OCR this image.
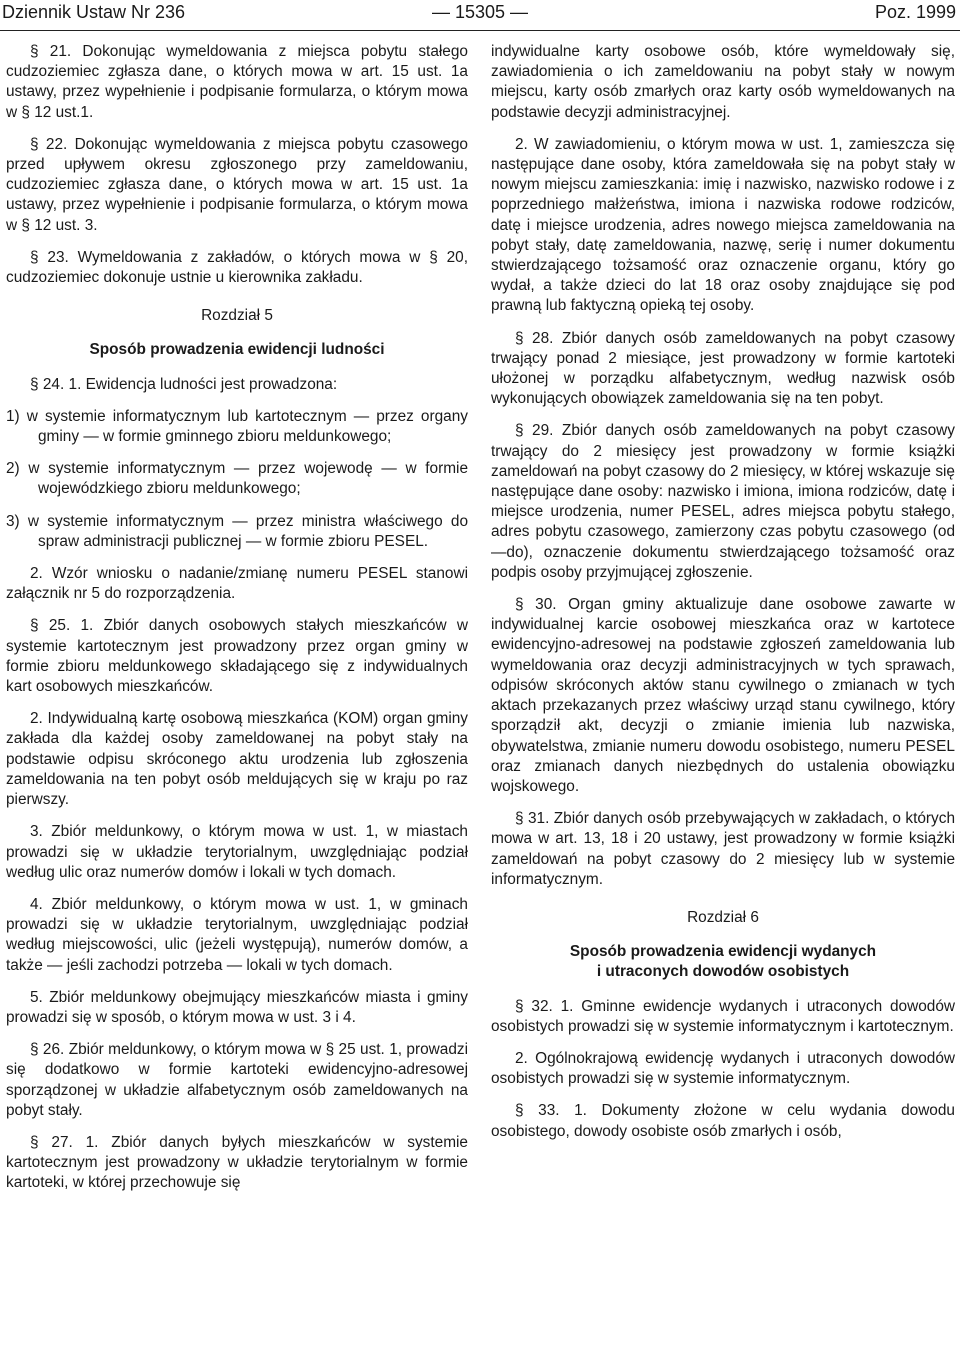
— 15305 —
Dziennik Ustaw Nr 236	Poz. 1999

§ 21. Dokonując wymeldowania z miejsca pobytu stałego cudzoziemiec zgłasza dane, o których mowa w art. 15 ust. 1a ustawy, przez wypełnienie i podpisanie formularza, o którym mowa w § 12 ust.1.

§ 22. Dokonując wymeldowania z miejsca pobytu czasowego przed upływem okresu zgłoszonego przy zameldowaniu, cudzoziemiec zgłasza dane, o których mowa w art. 15 ust. 1a ustawy, przez wypełnienie i podpisanie formularza, o którym mowa w § 12 ust. 3.

§ 23. Wymeldowania z zakładów, o których mowa w § 20, cudzoziemiec dokonuje ustnie u kierownika zakładu.

Rozdział 5
Sposób prowadzenia ewidencji ludności

§ 24. 1. Ewidencja ludności jest prowadzona:

1) w systemie informatycznym lub kartotecznym — przez organy gminy — w formie gminnego zbioru meldunkowego;
2) w systemie informatycznym — przez wojewodę — w formie wojewódzkiego zbioru meldunkowego;
3) w systemie informatycznym — przez ministra właściwego do spraw administracji publicznej — w formie zbioru PESEL.

2. Wzór wniosku o nadanie/zmianę numeru PESEL stanowi załącznik nr 5 do rozporządzenia.

§ 25. 1. Zbiór danych osobowych stałych mieszkańców w systemie kartotecznym jest prowadzony przez organ gminy w formie zbioru meldunkowego składającego się z indywidualnych kart osobowych mieszkańców.

2. Indywidualną kartę osobową mieszkańca (KOM) organ gminy zakłada dla każdej osoby zameldowanej na pobyt stały na podstawie odpisu skróconego aktu urodzenia lub zgłoszenia zameldowania na ten pobyt osób meldujących się w kraju po raz pierwszy.

3. Zbiór meldunkowy, o którym mowa w ust. 1, w miastach prowadzi się w układzie terytorialnym, uwzględniając podział według ulic oraz numerów domów i lokali w tych domach.

4. Zbiór meldunkowy, o którym mowa w ust. 1, w gminach prowadzi się w układzie terytorialnym, uwzględniając podział według miejscowości, ulic (jeżeli występują), numerów domów, a także — jeśli zachodzi potrzeba — lokali w tych domach.

5. Zbiór meldunkowy obejmujący mieszkańców miasta i gminy prowadzi się w sposób, o którym mowa w ust. 3 i 4.

§ 26. Zbiór meldunkowy, o którym mowa w § 25 ust. 1, prowadzi się dodatkowo w formie kartoteki ewidencyjno-adresowej sporządzonej w układzie alfabetycznym osób zameldowanych na pobyt stały.

§ 27. 1. Zbiór danych byłych mieszkańców w systemie kartotecznym jest prowadzony w układzie terytorialnym w formie kartoteki, w której przechowuje się

indywidualne karty osobowe osób, które wymeldowały się, zawiadomienia o ich zameldowaniu na pobyt stały w nowym miejscu, karty osób zmarłych oraz karty osób wymeldowanych na podstawie decyzji administracyjnej.

2. W zawiadomieniu, o którym mowa w ust. 1, zamieszcza się następujące dane osoby, która zameldowała się na pobyt stały w nowym miejscu zamieszkania: imię i nazwisko, nazwisko rodowe i z poprzedniego małżeństwa, imiona i nazwiska rodowe rodziców, datę i miejsce urodzenia, adres nowego miejsca zameldowania na pobyt stały, datę zameldowania, nazwę, serię i numer dokumentu stwierdzającego tożsamość oraz oznaczenie organu, który go wydał, a także dzieci do lat 18 oraz osoby znajdujące się pod prawną lub faktyczną opieką tej osoby.

§ 28. Zbiór danych osób zameldowanych na pobyt czasowy trwający ponad 2 miesiące, jest prowadzony w formie kartoteki ułożonej w porządku alfabetycznym, według nazwisk osób wykonujących obowiązek zameldowania się na ten pobyt.

§ 29. Zbiór danych osób zameldowanych na pobyt czasowy trwający do 2 miesięcy jest prowadzony w formie książki zameldowań na pobyt czasowy do 2 miesięcy, w której wskazuje się następujące dane osoby: nazwisko i imiona, imiona rodziców, datę i miejsce urodzenia, numer PESEL, adres miejsca pobytu stałego, adres pobytu czasowego, zamierzony czas pobytu czasowego (od—do), oznaczenie dokumentu stwierdzającego tożsamość oraz podpis osoby przyjmującej zgłoszenie.

§ 30. Organ gminy aktualizuje dane osobowe zawarte w indywidualnej karcie osobowej mieszkańca oraz w kartotece ewidencyjno-adresowej na podstawie zgłoszeń zameldowania lub wymeldowania oraz decyzji administracyjnych w tych sprawach, odpisów skróconych aktów stanu cywilnego o zmianach w tych aktach przekazanych przez właściwy urząd stanu cywilnego, który sporządził akt, decyzji o zmianie imienia lub nazwiska, obywatelstwa, zmianie numeru dowodu osobistego, numeru PESEL oraz zmianach danych niezbędnych do ustalenia obowiązku wojskowego.

§ 31. Zbiór danych osób przebywających w zakładach, o których mowa w art. 13, 18 i 20 ustawy, jest prowadzony w formie książki zameldowań na pobyt czasowy do 2 miesięcy lub w systemie informatycznym.

Rozdział 6
Sposób prowadzenia ewidencji wydanych
i utraconych dowodów osobistych

§ 32. 1. Gminne ewidencje wydanych i utraconych dowodów osobistych prowadzi się w systemie informatycznym i kartotecznym.

2. Ogólnokrajową ewidencję wydanych i utraconych dowodów osobistych prowadzi się w systemie informatycznym.

§ 33. 1. Dokumenty złożone w celu wydania dowodu osobistego, dowody osobiste osób zmarłych i osób,
